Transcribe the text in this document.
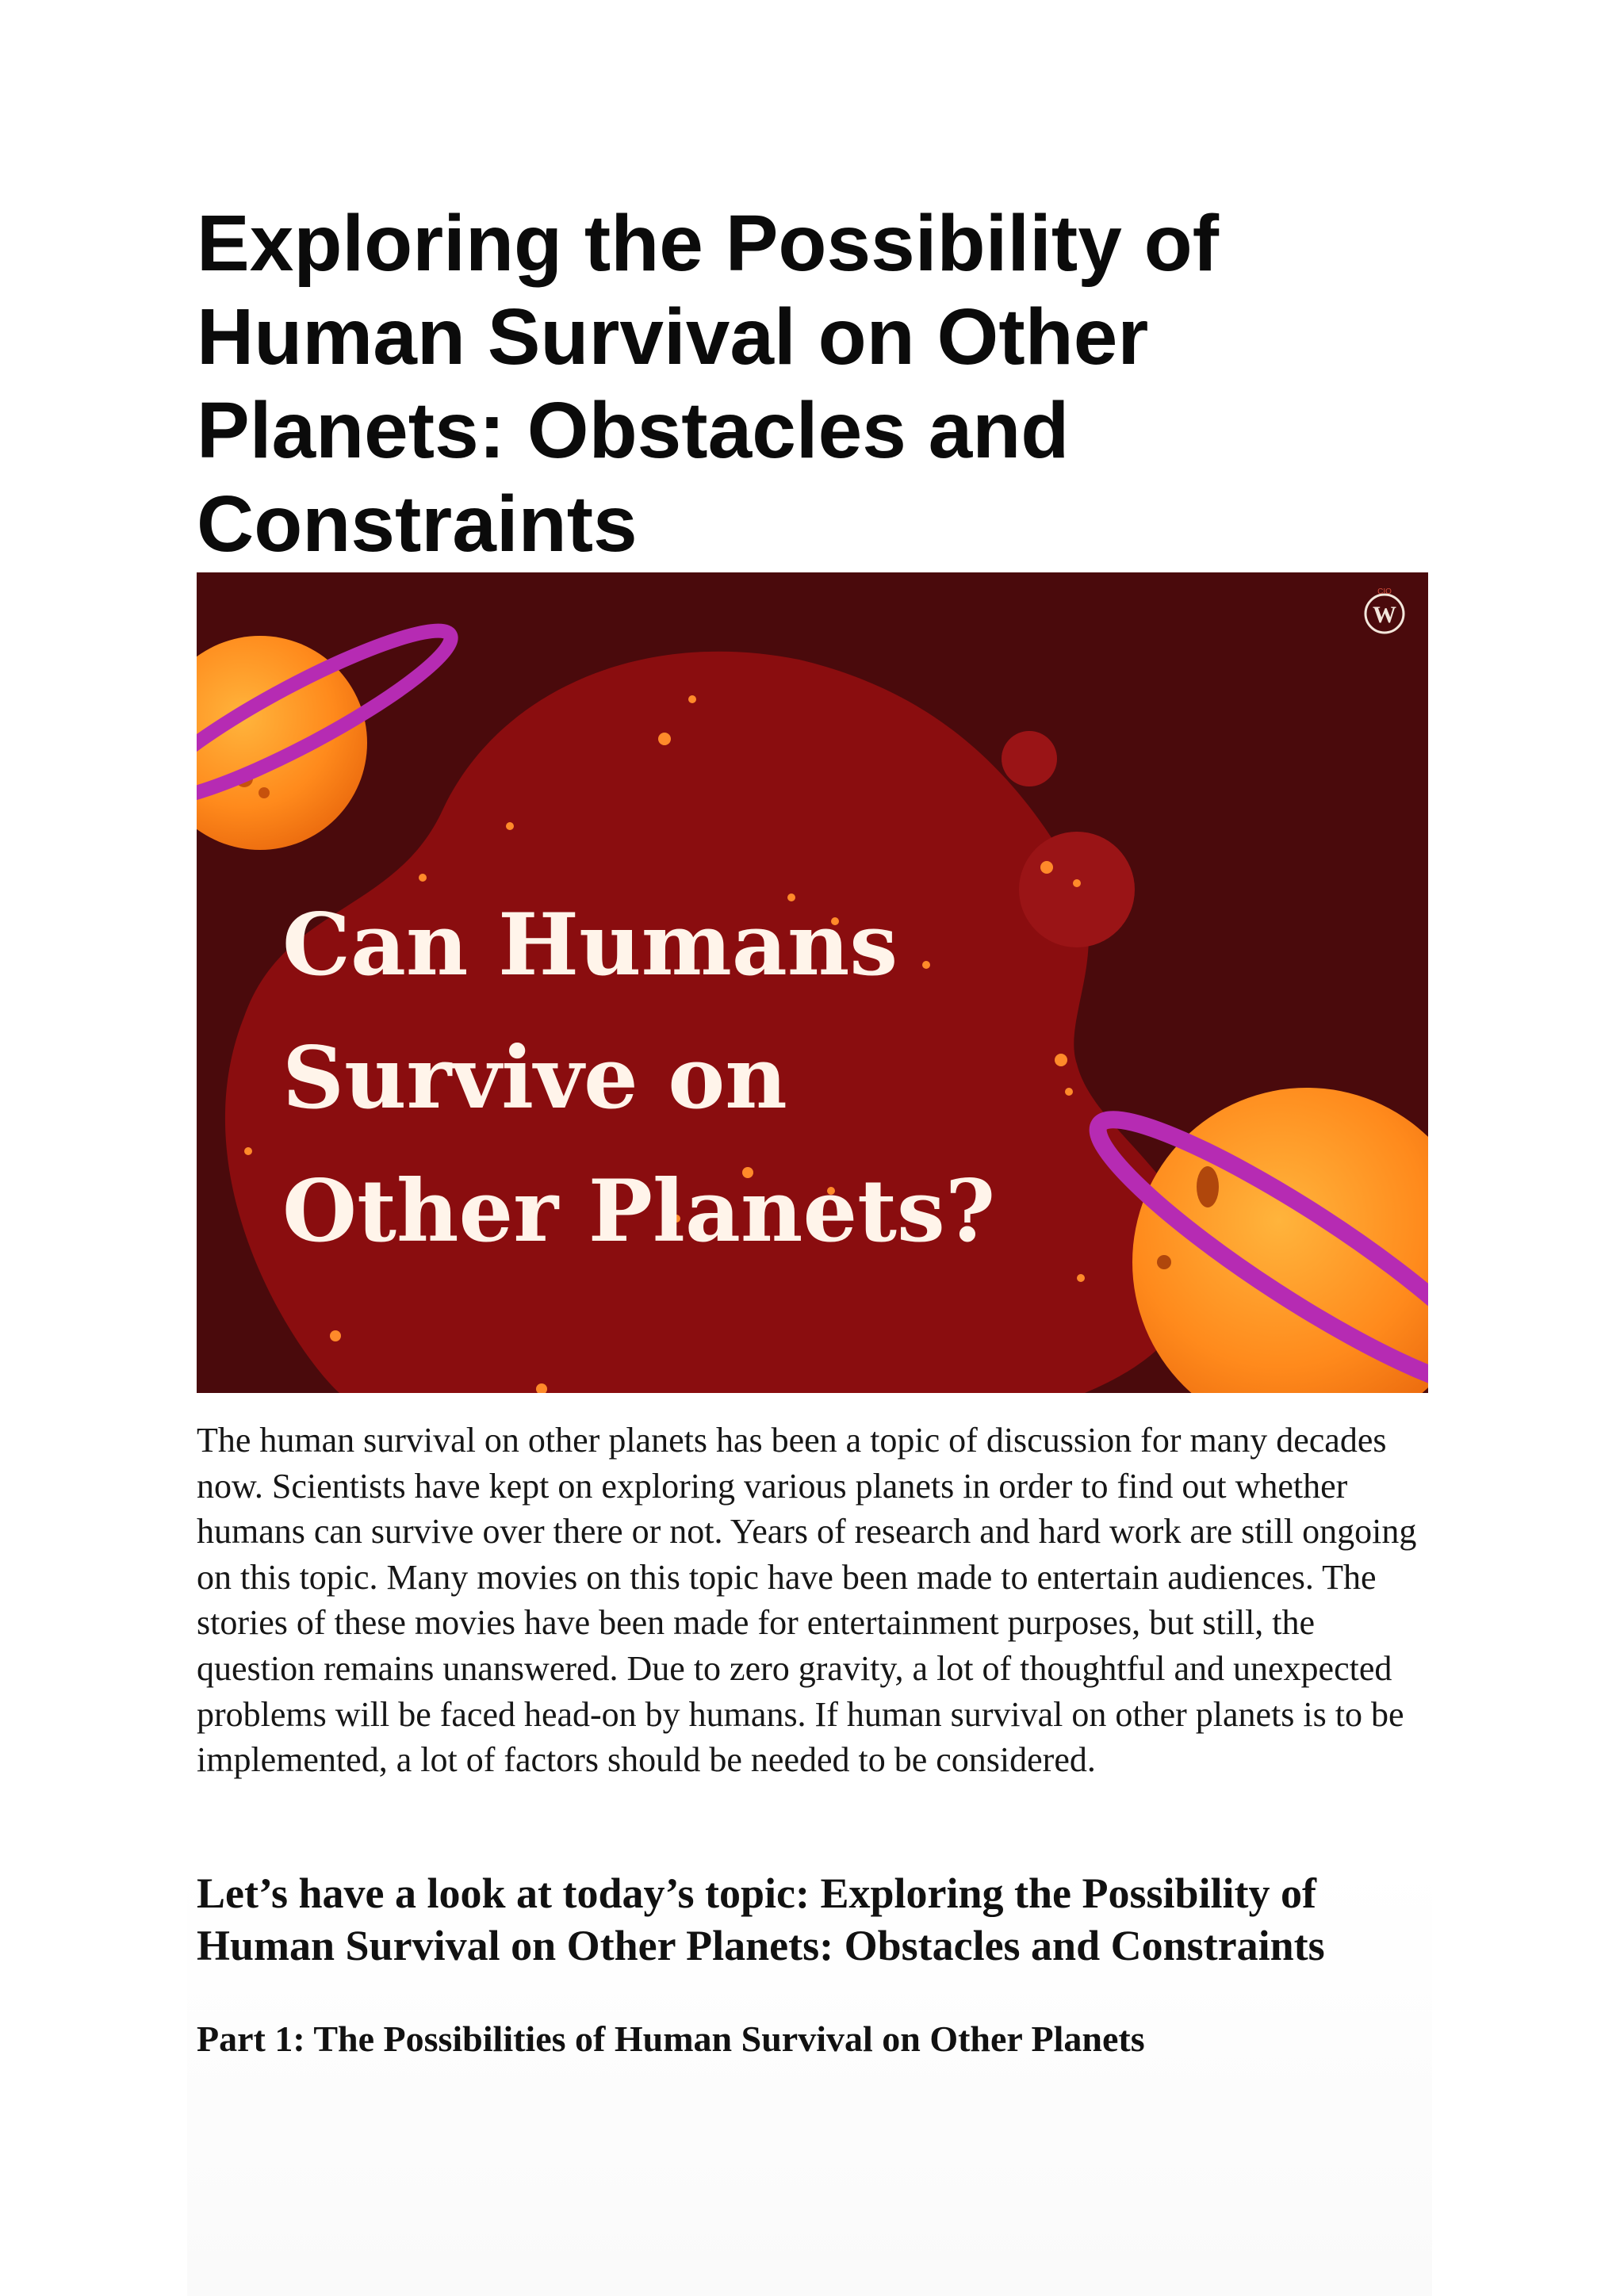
Exploring the Possibility of Human Survival on Other Planets: Obstacles and Constraints
W
CIO
Can Humans
Survive on
Other Planets?

The human survival on other planets has been a topic of discussion for many decades now. Scientists have kept on exploring various planets in order to find out whether humans can survive over there or not. Years of research and hard work are still ongoing on this topic. Many movies on this topic have been made to entertain audiences. The stories of these movies have been made for entertainment purposes, but still, the question remains unanswered. Due to zero gravity, a lot of thoughtful and unexpected problems will be faced head-on by humans. If human survival on other planets is to be implemented, a lot of factors should be needed to be considered.

Let’s have a look at today’s topic: Exploring the Possibility of Human Survival on Other Planets: Obstacles and Constraints
Part 1: The Possibilities of Human Survival on Other Planets
